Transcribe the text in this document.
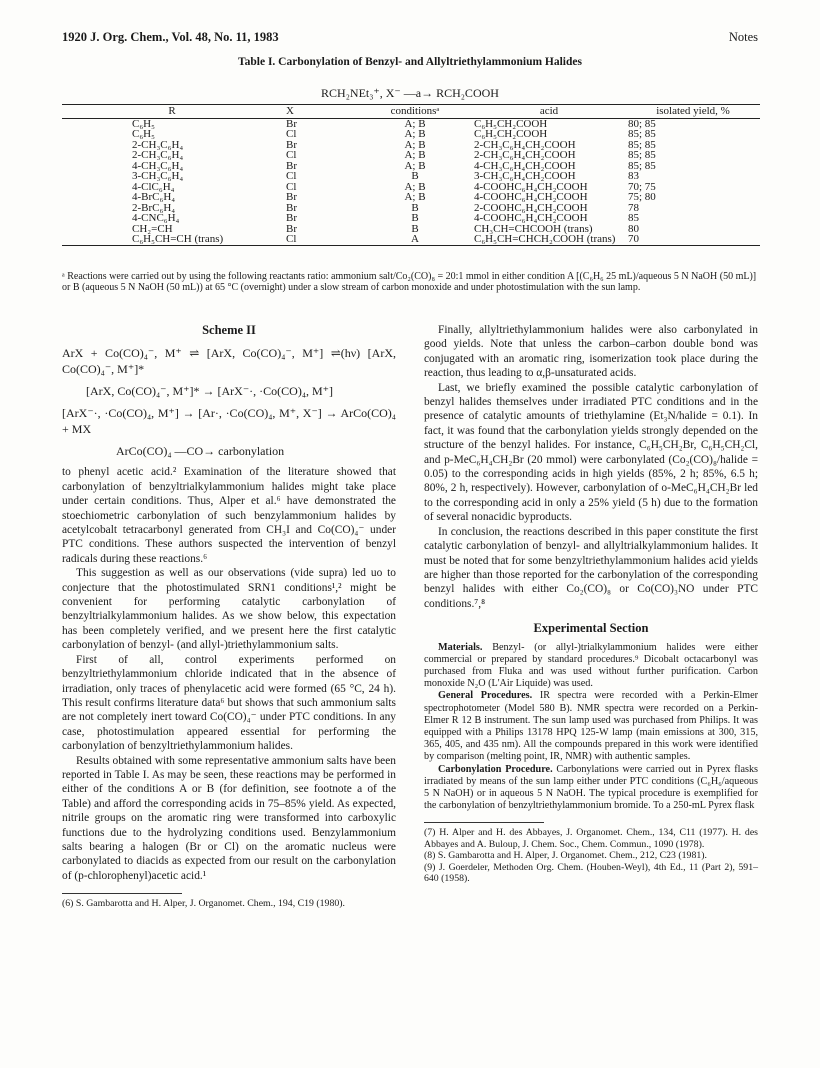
1920 J. Org. Chem., Vol. 48, No. 11, 1983	Notes
Table I. Carbonylation of Benzyl- and Allyltriethylammonium Halides
RCH₂NEt₃⁺, X⁻ —a→ RCH₂COOH
R	X	conditionsᵃ	acid	isolated yield, %
C₆H₅	Br	A; B	C₆H₅CH₂COOH	80; 85
C₆H₅	Cl	A; B	C₆H₅CH₂COOH	85; 85
2-CH₃C₆H₄	Br	A; B	2-CH₃C₆H₄CH₂COOH	85; 85
2-CH₃C₆H₄	Cl	A; B	2-CH₃C₆H₄CH₂COOH	85; 85
4-CH₃C₆H₄	Br	A; B	4-CH₃C₆H₄CH₂COOH	85; 85
3-CH₃C₆H₄	Cl	B	3-CH₃C₆H₄CH₂COOH	83
4-ClC₆H₄	Cl	A; B	4-COOHC₆H₄CH₂COOH	70; 75
4-BrC₆H₄	Br	A; B	4-COOHC₆H₄CH₂COOH	75; 80
2-BrC₆H₄	Br	B	2-COOHC₆H₄CH₂COOH	78
4-CNC₆H₄	Br	B	4-COOHC₆H₄CH₂COOH	85
CH₂=CH	Br	B	CH₃CH=CHCOOH (trans)	80
C₆H₅CH=CH (trans)	Cl	A	C₆H₅CH=CHCH₂COOH (trans)	70
ᵃ Reactions were carried out by using the following reactants ratio: ammonium salt/Co₂(CO)₈ = 20:1 mmol in either condition A [(C₆H₆ 25 mL)/aqueous 5 N NaOH (50 mL)] or B (aqueous 5 N NaOH (50 mL)) at 65 °C (overnight) under a slow stream of carbon monoxide and under photostimulation with the sun lamp.
Scheme II
ArX + Co(CO)₄⁻, M⁺ ⇌ [ArX, Co(CO)₄⁻, M⁺] ⇌(hν) [ArX, Co(CO)₄⁻, M⁺]*
[ArX, Co(CO)₄⁻, M⁺]* → [ArX⁻·, ·Co(CO)₄, M⁺]
[ArX⁻·, ·Co(CO)₄, M⁺] → [Ar·, ·Co(CO)₄, M⁺, X⁻] → ArCo(CO)₄ + MX
ArCo(CO)₄ —CO→ carbonylation

to phenyl acetic acid.² Examination of the literature showed that carbonylation of benzyltrialkylammonium halides might take place under certain conditions. Thus, Alper et al.⁶ have demonstrated the stoechiometric carbonylation of such benzylammonium halides by acetylcobalt tetracarbonyl generated from CH₃I and Co(CO)₄⁻ under PTC conditions. These authors suspected the intervention of benzyl radicals during these reactions.⁶

This suggestion as well as our observations (vide supra) led uo to conjecture that the photostimulated SRN1 conditions¹,² might be convenient for performing catalytic carbonylation of benzyltrialkylammonium halides. As we show below, this expectation has been completely verified, and we present here the first catalytic carbonylation of benzyl- (and allyl-)triethylammonium salts.

First of all, control experiments performed on benzyltriethylammonium chloride indicated that in the absence of irradiation, only traces of phenylacetic acid were formed (65 °C, 24 h). This result confirms literature data⁶ but shows that such ammonium salts are not completely inert toward Co(CO)₄⁻ under PTC conditions. In any case, photostimulation appeared essential for performing the carbonylation of benzyltriethylammonium halides.

Results obtained with some representative ammonium salts have been reported in Table I. As may be seen, these reactions may be performed in either of the conditions A or B (for definition, see footnote a of the Table) and afford the corresponding acids in 75–85% yield. As expected, nitrile groups on the aromatic ring were transformed into carboxylic functions due to the hydrolyzing conditions used. Benzylammonium salts bearing a halogen (Br or Cl) on the aromatic nucleus were carbonylated to diacids as expected from our result on the carbonylation of (p-chlorophenyl)acetic acid.¹

(6) S. Gambarotta and H. Alper, J. Organomet. Chem., 194, C19 (1980).

Finally, allyltriethylammonium halides were also carbonylated in good yields. Note that unless the carbon–carbon double bond was conjugated with an aromatic ring, isomerization took place during the reaction, thus leading to α,β-unsaturated acids.

Last, we briefly examined the possible catalytic carbonylation of benzyl halides themselves under irradiated PTC conditions and in the presence of catalytic amounts of triethylamine (Et₃N/halide = 0.1). In fact, it was found that the carbonylation yields strongly depended on the structure of the benzyl halides. For instance, C₆H₅CH₂Br, C₆H₅CH₂Cl, and p-MeC₆H₄CH₂Br (20 mmol) were carbonylated (Co₂(CO)₈/halide = 0.05) to the corresponding acids in high yields (85%, 2 h; 85%, 6.5 h; 80%, 2 h, respectively). However, carbonylation of o-MeC₆H₄CH₂Br led to the corresponding acid in only a 25% yield (5 h) due to the formation of several nonacidic byproducts.

In conclusion, the reactions described in this paper constitute the first catalytic carbonylation of benzyl- and allyltrialkylammonium halides. It must be noted that for some benzyltriethylammonium halides acid yields are higher than those reported for the carbonylation of the corresponding benzyl halides with either Co₂(CO)₈ or Co(CO)₃NO under PTC conditions.⁷,⁸

Experimental Section

Materials. Benzyl- (or allyl-)trialkylammonium halides were either commercial or prepared by standard procedures.⁹ Dicobalt octacarbonyl was purchased from Fluka and was used without further purification. Carbon monoxide N₂O (L'Air Liquide) was used.

General Procedures. IR spectra were recorded with a Perkin-Elmer spectrophotometer (Model 580 B). NMR spectra were recorded on a Perkin-Elmer R 12 B instrument. The sun lamp used was purchased from Philips. It was equipped with a Philips 13178 HPQ 125-W lamp (main emissions at 300, 315, 365, 405, and 435 nm). All the compounds prepared in this work were identified by comparison (melting point, IR, NMR) with authentic samples.

Carbonylation Procedure. Carbonylations were carried out in Pyrex flasks irradiated by means of the sun lamp either under PTC conditions (C₆H₆/aqueous 5 N NaOH) or in aqueous 5 N NaOH. The typical procedure is exemplified for the carbonylation of benzyltriethylammonium bromide. To a 250-mL Pyrex flask

(7) H. Alper and H. des Abbayes, J. Organomet. Chem., 134, C11 (1977). H. des Abbayes and A. Buloup, J. Chem. Soc., Chem. Commun., 1090 (1978).

(8) S. Gambarotta and H. Alper, J. Organomet. Chem., 212, C23 (1981).

(9) J. Goerdeler, Methoden Org. Chem. (Houben-Weyl), 4th Ed., 11 (Part 2), 591–640 (1958).
